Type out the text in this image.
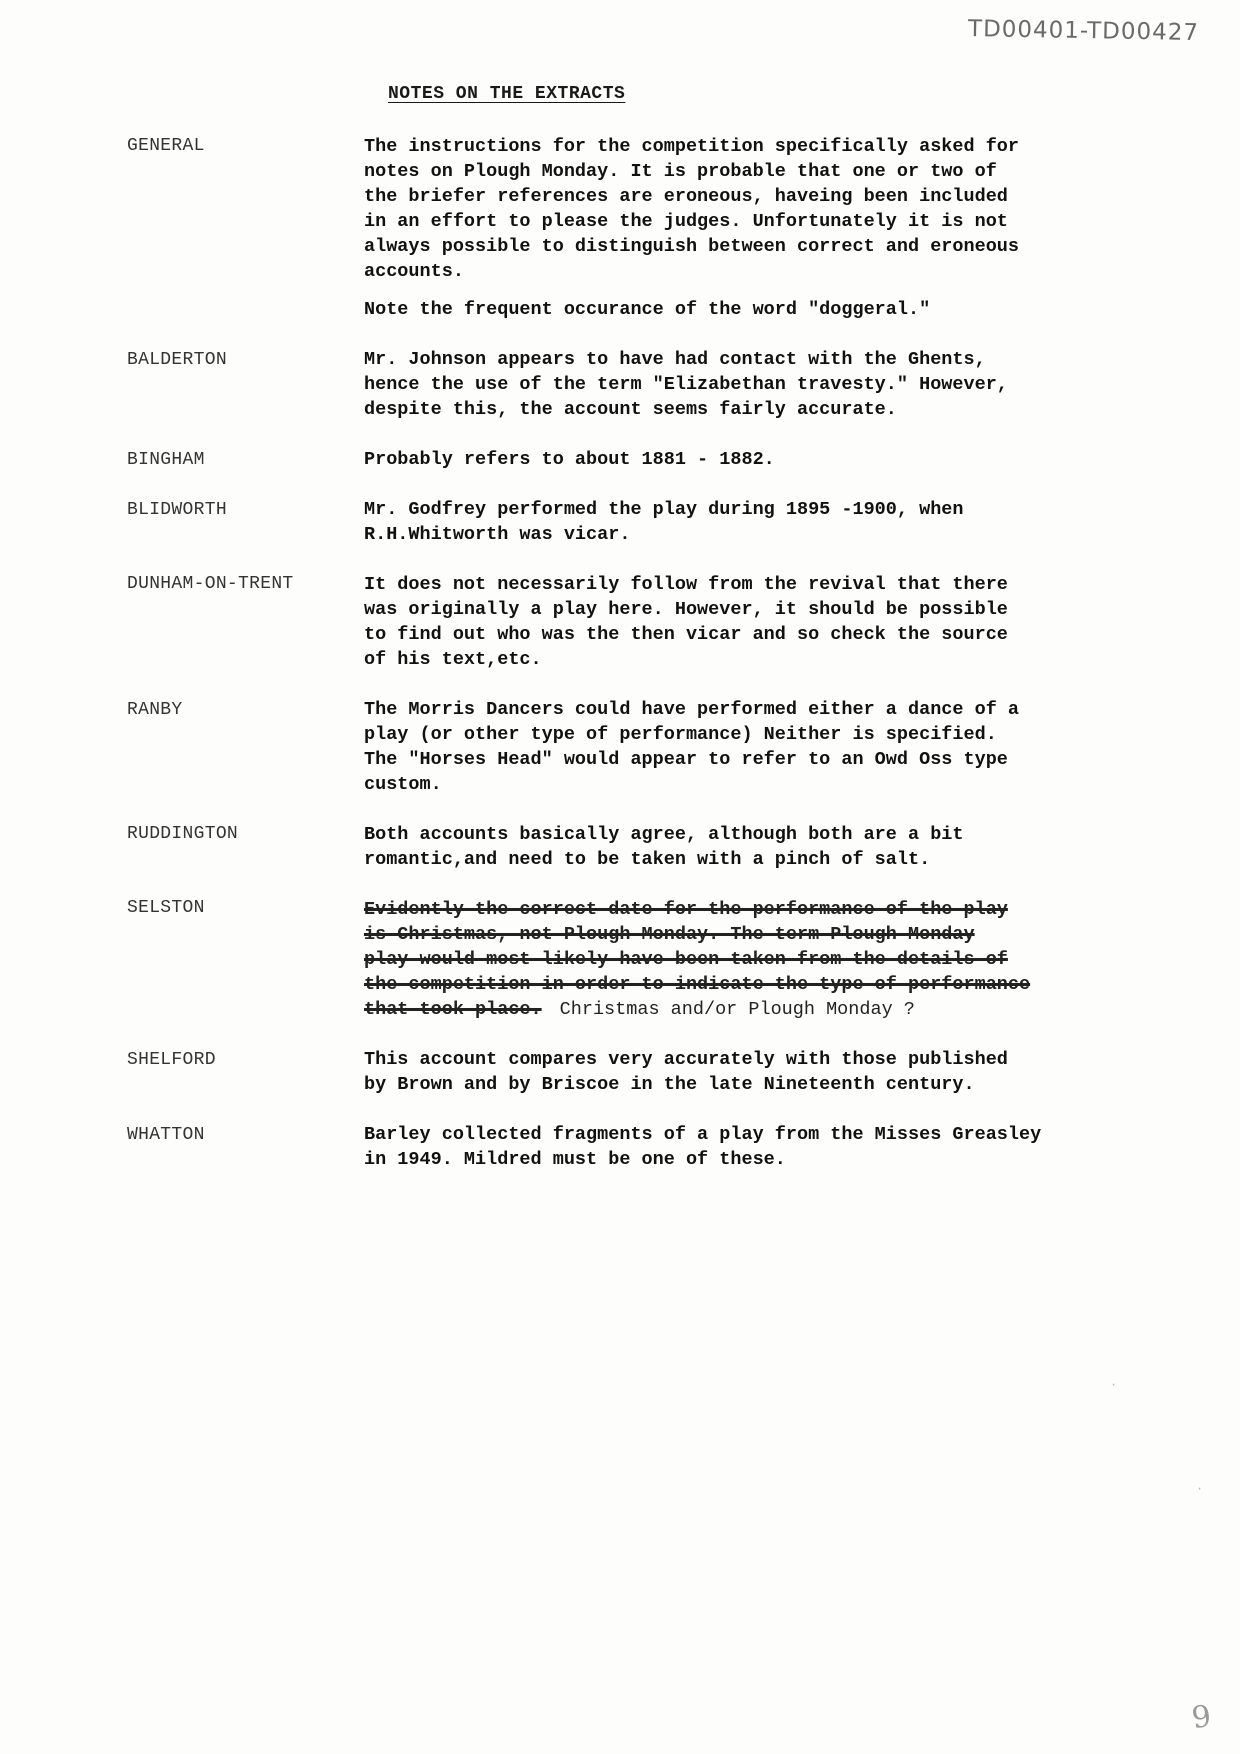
TD00401-TD00427
NOTES ON THE EXTRACTS
GENERAL	The instructions for the competition specifically asked for
notes on Plough Monday. It is probable that one or two of
the briefer references are eroneous, haveing been included
in an effort to please the judges. Unfortunately it is not
always possible to distinguish between correct and eroneous
accounts.
Note the frequent occurance of the word "doggeral."
BALDERTON	Mr. Johnson appears to have had contact with the Ghents,
hence the use of the term "Elizabethan travesty." However,
despite this, the account seems fairly accurate.
BINGHAM	Probably refers to about 1881 - 1882.
BLIDWORTH	Mr. Godfrey performed the play during 1895 -1900, when
R.H.Whitworth was vicar.
DUNHAM-ON-TRENT	It does not necessarily follow from the revival that there
was originally a play here. However, it should be possible
to find out who was the then vicar and so check the source
of his text,etc.
RANBY	The Morris Dancers could have performed either a dance of a
play (or other type of performance) Neither is specified.
The "Horses Head" would appear to refer to an Owd Oss type
custom.
RUDDINGTON	Both accounts basically agree, although both are a bit
romantic,and need to be taken with a pinch of salt.
SELSTON	Evidently the correct date for the performance of the play
is Christmas, not Plough Monday. The term Plough Monday
play would most likely have been taken from the details of
the competition in order to indicate the type of performance
that took place. Christmas and/or Plough Monday ?
SHELFORD	This account compares very accurately with those published
by Brown and by Briscoe in the late Nineteenth century.
WHATTON	Barley collected fragments of a play from the Misses Greasley
in 1949. Mildred must be one of these.
·
·
9
